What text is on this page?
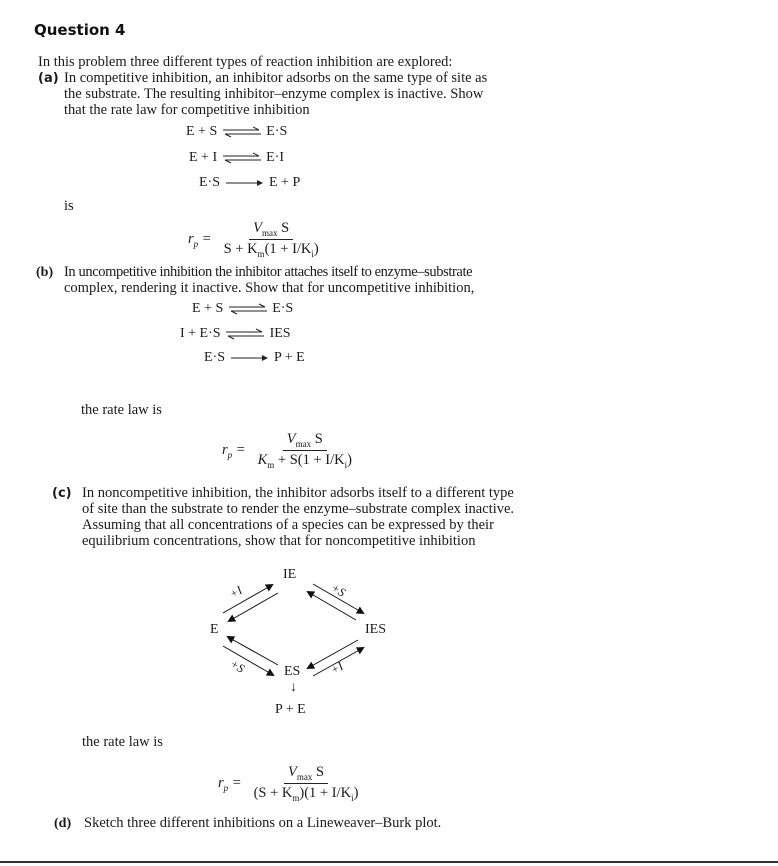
Question 4
In this problem three different types of reaction inhibition are explored:
(a) In competitive inhibition, an inhibitor adsorbs on the same type of site as
the substrate. The resulting inhibitor–enzyme complex is inactive. Show
that the rate law for competitive inhibition
E + S ⇌ E·S
E + I ⇌ E·I
E·S	E + P
is
$r_p = \frac{V_{max} S}{S + K_m(1 + I/K_i)}$
(b) In uncompetitive inhibition the inhibitor attaches itself to enzyme–substrate
complex, rendering it inactive. Show that for uncompetitive inhibition,
E + S ⇌ E·S
I + E·S ⇌ IES
E·S	P + E
the rate law is
$r_p = \frac{V_{max} S}{K_m + S(1 + I/K_i)}$
(c) In noncompetitive inhibition, the inhibitor adsorbs itself to a different type
of site than the substrate to render the enzyme–substrate complex inactive.
Assuming that all concentrations of a species can be expressed by their
equilibrium concentrations, show that for noncompetitive inhibition
IE
E	IES
ES
↓
P + E
+I	+S
+S	+I
the rate law is
$r_p = \frac{V_{max} S}{(S + K_m)(1 + I/K_i)}$
(d) Sketch three different inhibitions on a Lineweaver–Burk plot.
